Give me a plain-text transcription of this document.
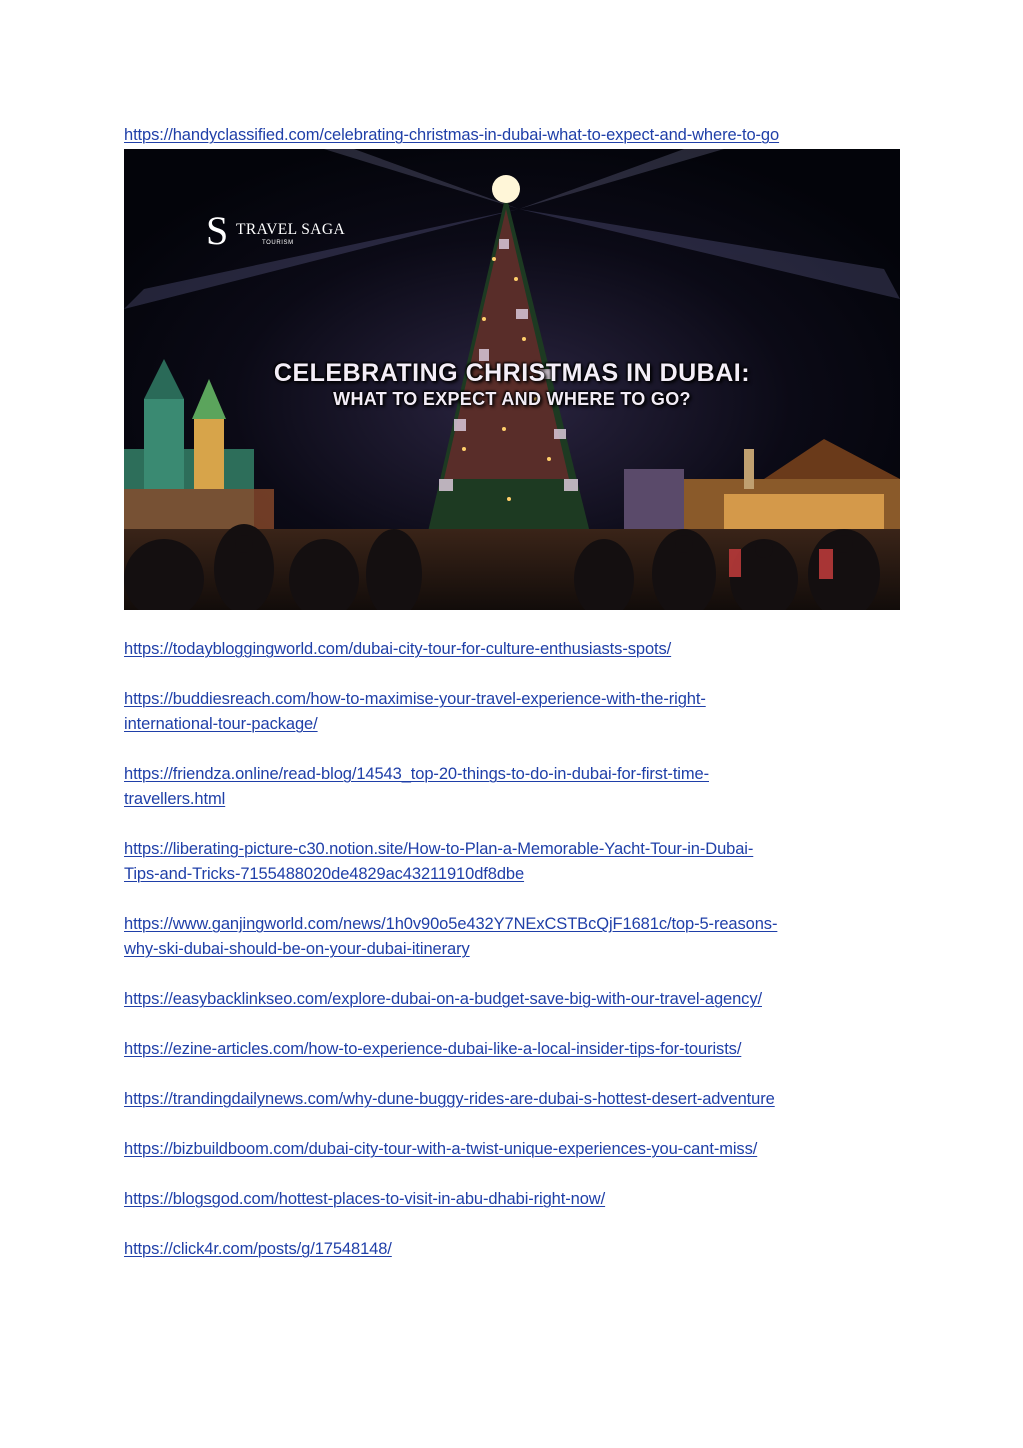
https://handyclassified.com/celebrating-christmas-in-dubai-what-to-expect-and-where-to-go
S TRAVEL SAGA
TOURISM
CELEBRATING CHRISTMAS IN DUBAI:
WHAT TO EXPECT AND WHERE TO GO?
https://todaybloggingworld.com/dubai-city-tour-for-culture-enthusiasts-spots/
https://buddiesreach.com/how-to-maximise-your-travel-experience-with-the-right-
international-tour-package/
https://friendza.online/read-blog/14543_top-20-things-to-do-in-dubai-for-first-time-
travellers.html
https://liberating-picture-c30.notion.site/How-to-Plan-a-Memorable-Yacht-Tour-in-Dubai-
Tips-and-Tricks-7155488020de4829ac43211910df8dbe
https://www.ganjingworld.com/news/1h0v90o5e432Y7NExCSTBcQjF1681c/top-5-reasons-
why-ski-dubai-should-be-on-your-dubai-itinerary
https://easybacklinkseo.com/explore-dubai-on-a-budget-save-big-with-our-travel-agency/
https://ezine-articles.com/how-to-experience-dubai-like-a-local-insider-tips-for-tourists/
https://trandingdailynews.com/why-dune-buggy-rides-are-dubai-s-hottest-desert-adventure
https://bizbuildboom.com/dubai-city-tour-with-a-twist-unique-experiences-you-cant-miss/
https://blogsgod.com/hottest-places-to-visit-in-abu-dhabi-right-now/
https://click4r.com/posts/g/17548148/
